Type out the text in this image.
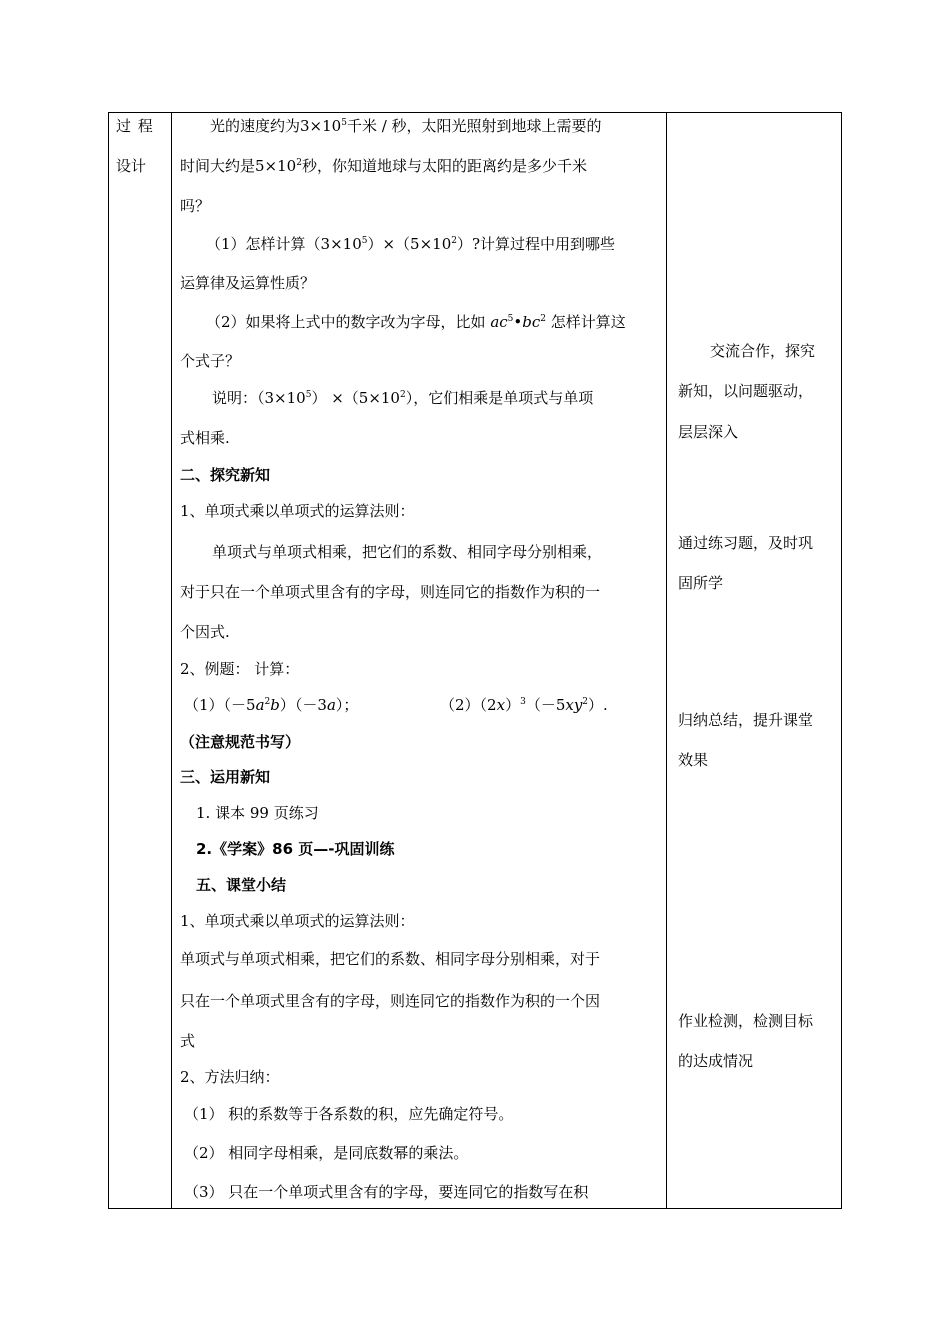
过 程
设计
光的速度约为$3\times 10^5$千米 / 秒，太阳光照射到地球上需要的
时间大约是$5\times 10^2$秒，你知道地球与太阳的距离约是多少千米
吗？
（1）怎样计算$(3\times 10^5)\times(5\times 10^2)$?计算过程中用到哪些
运算律及运算性质？
（2）如果将上式中的数字改为字母，比如 $ac^5•bc^2$ 怎样计算这
个式子？
说明：$(3\times 10^5) \times(5\times 10^2)$，它们相乘是单项式与单项
式相乘.
二、探究新知
1、单项式乘以单项式的运算法则：
单项式与单项式相乘，把它们的系数、相同字母分别相乘，
对于只在一个单项式里含有的字母，则连同它的指数作为积的一
个因式.
2、例题： 计算：
$(1)(-5a^2b)(-3a)$；	$(2)(2x)^3(-5xy^2)$.
（注意规范书写）
三、运用新知
1. 课本 99 页练习
2.《学案》86 页—-巩固训练
五、课堂小结
1、单项式乘以单项式的运算法则：
单项式与单项式相乘，把它们的系数、相同字母分别相乘，对于
只在一个单项式里含有的字母，则连同它的指数作为积的一个因
式
2、方法归纳：
（1） 积的系数等于各系数的积，应先确定符号。
（2） 相同字母相乘，是同底数幂的乘法。
（3） 只在一个单项式里含有的字母，要连同它的指数写在积
交流合作，探究
新知，以问题驱动，
层层深入
通过练习题，及时巩
固所学
归纳总结，提升课堂
效果
作业检测，检测目标
的达成情况
